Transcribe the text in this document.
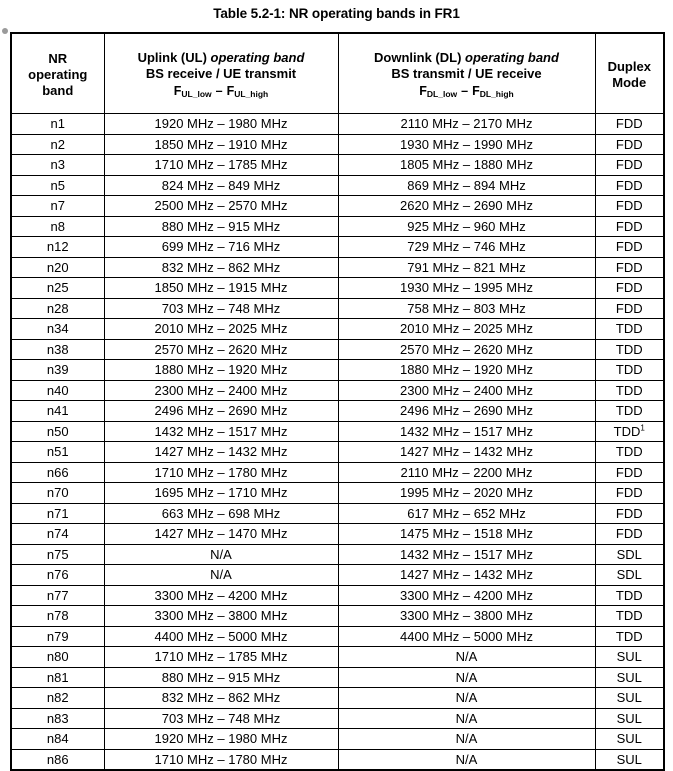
Table 5.2-1: NR operating bands in FR1
NR
operating
band	Uplink (UL) operating band
BS receive / UE transmit
$F_{UL\_low} - F_{UL\_high}$	Downlink (DL) operating band
BS transmit / UE receive
$F_{DL\_low} - F_{DL\_high}$	Duplex
Mode

n1	1920 MHz – 1980 MHz	2110 MHz – 2170 MHz	FDD
n2	1850 MHz – 1910 MHz	1930 MHz – 1990 MHz	FDD
n3	1710 MHz – 1785 MHz	1805 MHz – 1880 MHz	FDD
n5	824 MHz – 849 MHz	869 MHz – 894 MHz	FDD
n7	2500 MHz – 2570 MHz	2620 MHz – 2690 MHz	FDD
n8	880 MHz – 915 MHz	925 MHz – 960 MHz	FDD
n12	699 MHz – 716 MHz	729 MHz – 746 MHz	FDD
n20	832 MHz – 862 MHz	791 MHz – 821 MHz	FDD
n25	1850 MHz – 1915 MHz	1930 MHz – 1995 MHz	FDD
n28	703 MHz – 748 MHz	758 MHz – 803 MHz	FDD
n34	2010 MHz – 2025 MHz	2010 MHz – 2025 MHz	TDD
n38	2570 MHz – 2620 MHz	2570 MHz – 2620 MHz	TDD
n39	1880 MHz – 1920 MHz	1880 MHz – 1920 MHz	TDD
n40	2300 MHz – 2400 MHz	2300 MHz – 2400 MHz	TDD
n41	2496 MHz – 2690 MHz	2496 MHz – 2690 MHz	TDD
n50	1432 MHz – 1517 MHz	1432 MHz – 1517 MHz	TDD$^1$
n51	1427 MHz – 1432 MHz	1427 MHz – 1432 MHz	TDD
n66	1710 MHz – 1780 MHz	2110 MHz – 2200 MHz	FDD
n70	1695 MHz – 1710 MHz	1995 MHz – 2020 MHz	FDD
n71	663 MHz – 698 MHz	617 MHz – 652 MHz	FDD
n74	1427 MHz – 1470 MHz	1475 MHz – 1518 MHz	FDD
n75	N/A	1432 MHz – 1517 MHz	SDL
n76	N/A	1427 MHz – 1432 MHz	SDL
n77	3300 MHz – 4200 MHz	3300 MHz – 4200 MHz	TDD
n78	3300 MHz – 3800 MHz	3300 MHz – 3800 MHz	TDD
n79	4400 MHz – 5000 MHz	4400 MHz – 5000 MHz	TDD
n80	1710 MHz – 1785 MHz	N/A	SUL
n81	880 MHz – 915 MHz	N/A	SUL
n82	832 MHz – 862 MHz	N/A	SUL
n83	703 MHz – 748 MHz	N/A	SUL
n84	1920 MHz – 1980 MHz	N/A	SUL
n86	1710 MHz – 1780 MHz	N/A	SUL
